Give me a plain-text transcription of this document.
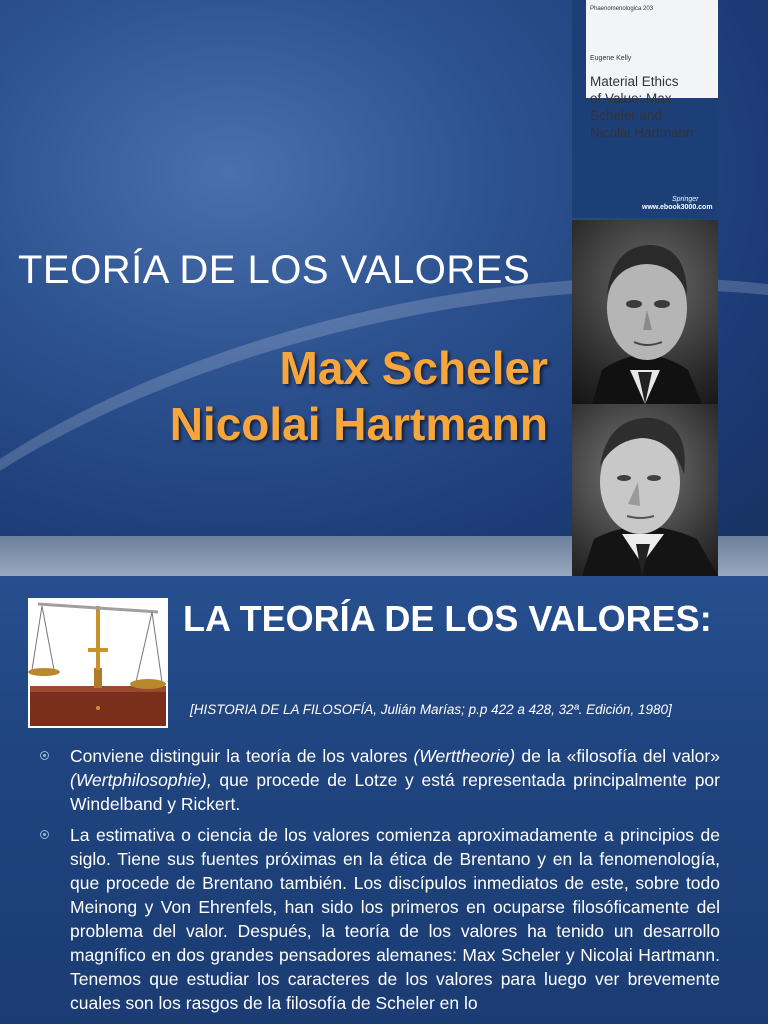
TEORÍA DE LOS VALORES
Max Scheler
Nicolai Hartmann
Phaenomenologica 203
Eugene Kelly
Material Ethics
of Value: Max
Scheler and
Nicolai Hartmann
Springer
www.ebook3000.com
LA TEORÍA DE LOS VALORES:
[HISTORIA DE LA FILOSOFÍA, Julián Marías; p.p 422 a 428, 32ª. Edición, 1980]
Conviene distinguir la teoría de los valores (Werttheorie) de la «filosofía del valor» (Wertphilosophie), que procede de Lotze y está representada principalmente por Windelband y Rickert.
La estimativa o ciencia de los valores comienza aproximadamente a principios de siglo. Tiene sus fuentes próximas en la ética de Brentano y en la fenomenología, que procede de Brentano también. Los discípulos inmediatos de este, sobre todo Meinong y Von Ehrenfels, han sido los primeros en ocuparse filosóficamente del problema del valor. Después, la teoría de los valores ha tenido un desarrollo magnífico en dos grandes pensadores alemanes: Max Scheler y Nicolai Hartmann. Tenemos que estudiar los caracteres de los valores para luego ver brevemente cuales son los rasgos de la filosofía de Scheler en lo
